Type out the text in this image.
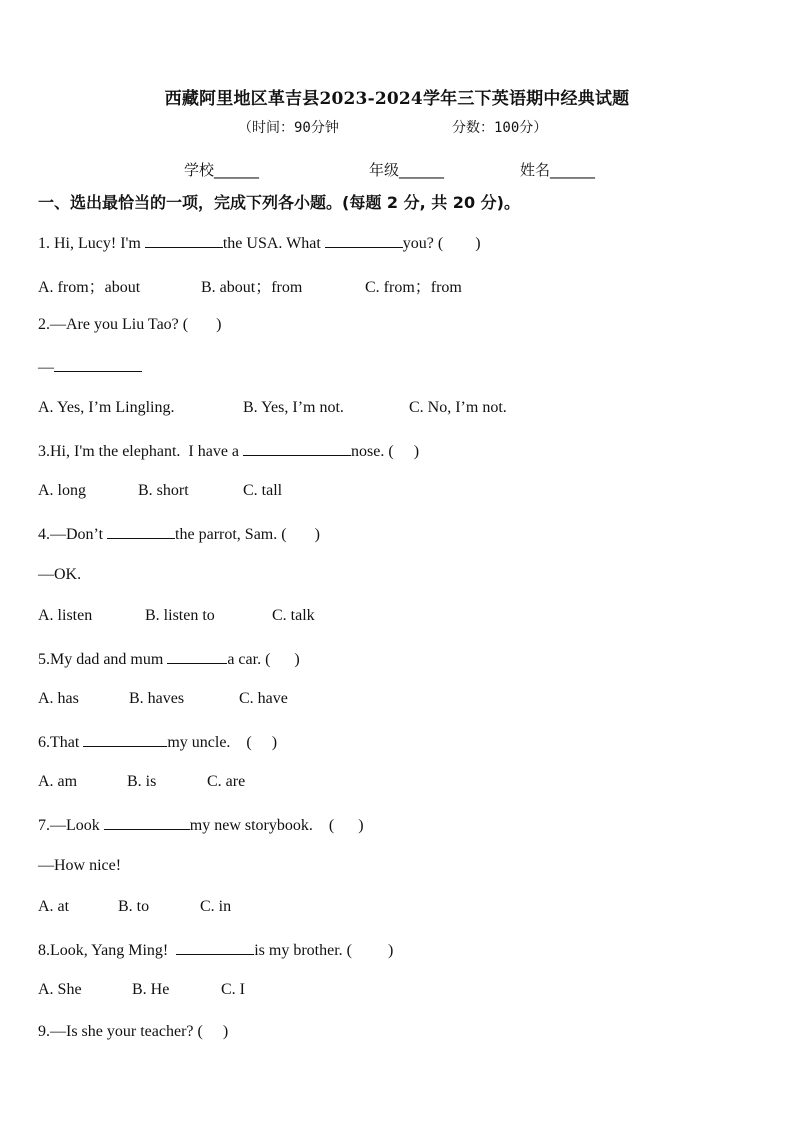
西藏阿里地区革吉县2023-2024学年三下英语期中经典试题
（时间：90分钟	分数：100分）
学校______	年级______	姓名______
一、选出最恰当的一项，完成下列各小题。(每题 2 分, 共 20 分)。
1. Hi, Lucy! I'm	the USA. What	you? (        )
A. from；about	B. about；from	C. from；from
2.—Are you Liu Tao? (       )
—
A. Yes, I’m Lingling.	B. Yes, I’m not.	C. No, I’m not.
3.Hi, I'm the elephant.  I have a	nose. (     )
A. long	B. short	C. tall
4.—Don’t	the parrot, Sam. (       )
—OK.
A. listen	B. listen to	C. talk
5.My dad and mum	a car. (      )
A. has	B. haves	C. have
6.That	my uncle.    (     )
A. am	B. is	C. are
7.—Look	my new storybook.    (      )
—How nice!
A. at	B. to	C. in
8.Look, Yang Ming!	is my brother. (         )
A. She	B. He	C. I
9.—Is she your teacher? (     )
